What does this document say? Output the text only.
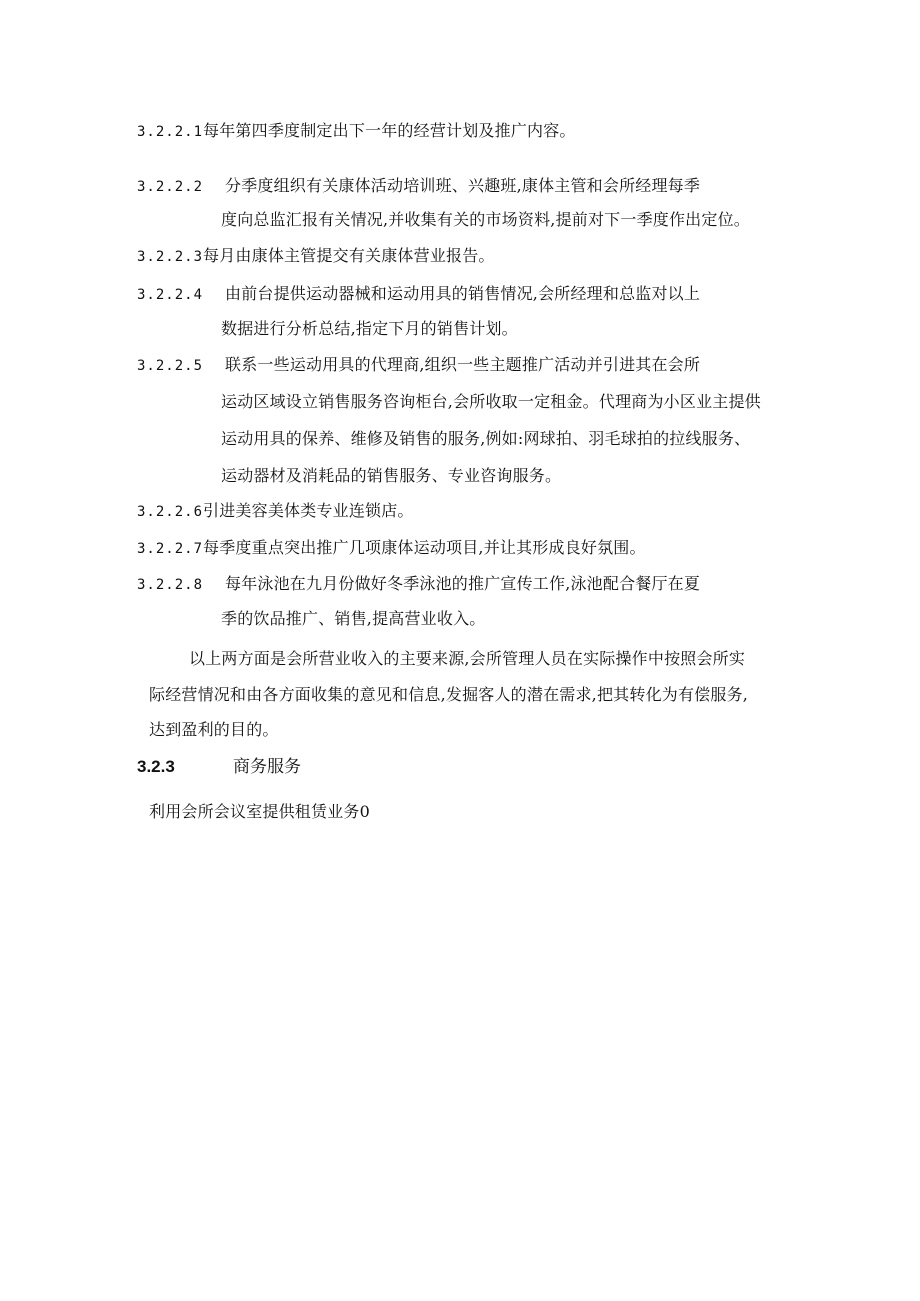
3.2.2.1每年第四季度制定出下一年的经营计划及推广内容。
3.2.2.2 分季度组织有关康体活动培训班、兴趣班,康体主管和会所经理每季
度向总监汇报有关情况,并收集有关的市场资料,提前对下一季度作出定位。
3.2.2.3每月由康体主管提交有关康体营业报告。
3.2.2.4 由前台提供运动器械和运动用具的销售情况,会所经理和总监对以上
数据进行分析总结,指定下月的销售计划。
3.2.2.5 联系一些运动用具的代理商,组织一些主题推广活动并引进其在会所
运动区域设立销售服务咨询柜台,会所收取一定租金。代理商为小区业主提供
运动用具的保养、维修及销售的服务,例如:网球拍、羽毛球拍的拉线服务、
运动器材及消耗品的销售服务、专业咨询服务。
3.2.2.6引进美容美体类专业连锁店。
3.2.2.7每季度重点突出推广几项康体运动项目,并让其形成良好氛围。
3.2.2.8 每年泳池在九月份做好冬季泳池的推广宣传工作,泳池配合餐厅在夏
季的饮品推广、销售,提高营业收入。
以上两方面是会所营业收入的主要来源,会所管理人员在实际操作中按照会所实
际经营情况和由各方面收集的意见和信息,发掘客人的潜在需求,把其转化为有偿服务,
达到盈利的目的。
3.2.3	商务服务
利用会所会议室提供租赁业务0
